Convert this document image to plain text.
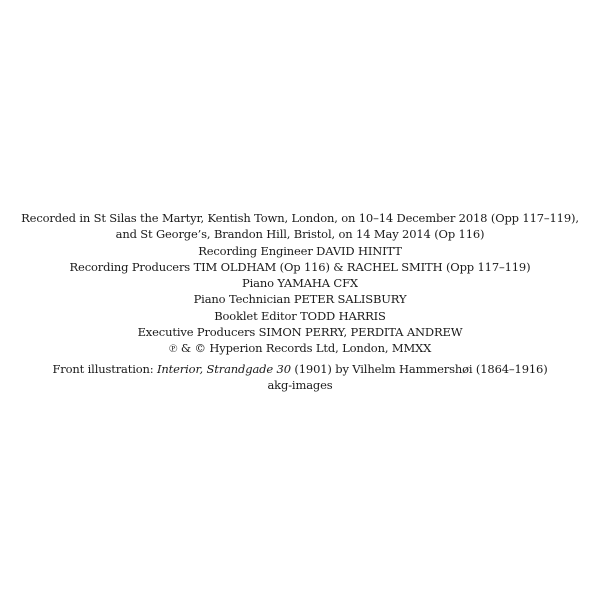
Recorded in St Silas the Martyr, Kentish Town, London, on 10–14 December 2018 (Opp 117–119),
and St George’s, Brandon Hill, Bristol, on 14 May 2014 (Op 116)
Recording Engineer DAVID HINITT
Recording Producers TIM OLDHAM (Op 116) & RACHEL SMITH (Opp 117–119)
Piano YAMAHA CFX
Piano Technician PETER SALISBURY
Booklet Editor TODD HARRIS
Executive Producers SIMON PERRY, PERDITA ANDREW
℗ & © Hyperion Records Ltd, London, MMXX
Front illustration: Interior, Strandgade 30 (1901) by Vilhelm Hammershøi (1864–1916)
akg-images
